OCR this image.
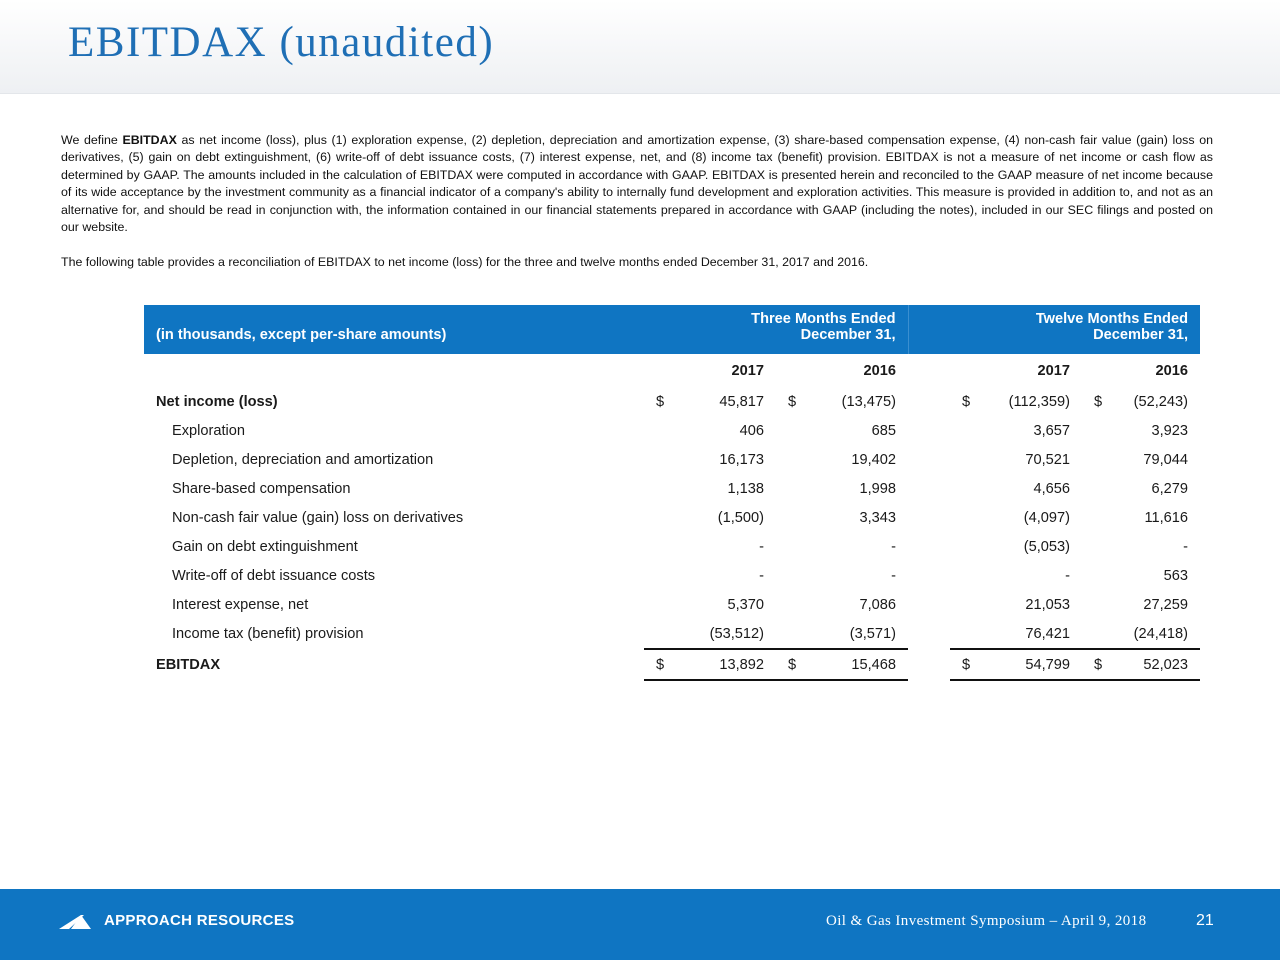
EBITDAX (unaudited)

We define EBITDAX as net income (loss), plus (1) exploration expense, (2) depletion, depreciation and amortization expense, (3) share-based compensation expense, (4) non-cash fair value (gain) loss on derivatives, (5) gain on debt extinguishment, (6) write-off of debt issuance costs, (7) interest expense, net, and (8) income tax (benefit) provision. EBITDAX is not a measure of net income or cash flow as determined by GAAP. The amounts included in the calculation of EBITDAX were computed in accordance with GAAP. EBITDAX is presented herein and reconciled to the GAAP measure of net income because of its wide acceptance by the investment community as a financial indicator of a company's ability to internally fund development and exploration activities. This measure is provided in addition to, and not as an alternative for, and should be read in conjunction with, the information contained in our financial statements prepared in accordance with GAAP (including the notes), included in our SEC filings and posted on our website.

The following table provides a reconciliation of EBITDAX to net income (loss) for the three and twelve months ended December 31, 2017 and 2016.

	Three Months Ended					Twelve Months Ended			
(in thousands, except per-share amounts)	December 31,					December 31,			
		2017		2016			2017		2016
Net income (loss)	$	45,817	$	(13,475)		$	(112,359)	$	(52,243)
Exploration		406		685			3,657		3,923
Depletion, depreciation and amortization		16,173		19,402			70,521		79,044
Share-based compensation		1,138		1,998			4,656		6,279
Non-cash fair value (gain) loss on derivatives		(1,500)		3,343			(4,097)		11,616
Gain on debt extinguishment		-		-			(5,053)		-
Write-off of debt issuance costs		-		-			-		563
Interest expense, net		5,370		7,086			21,053		27,259
Income tax (benefit) provision		(53,512)		(3,571)			76,421		(24,418)
EBITDAX	$	13,892	$	15,468		$	54,799	$	52,023
APPROACH RESOURCES	Oil & Gas Investment Symposium – April 9, 2018	21
